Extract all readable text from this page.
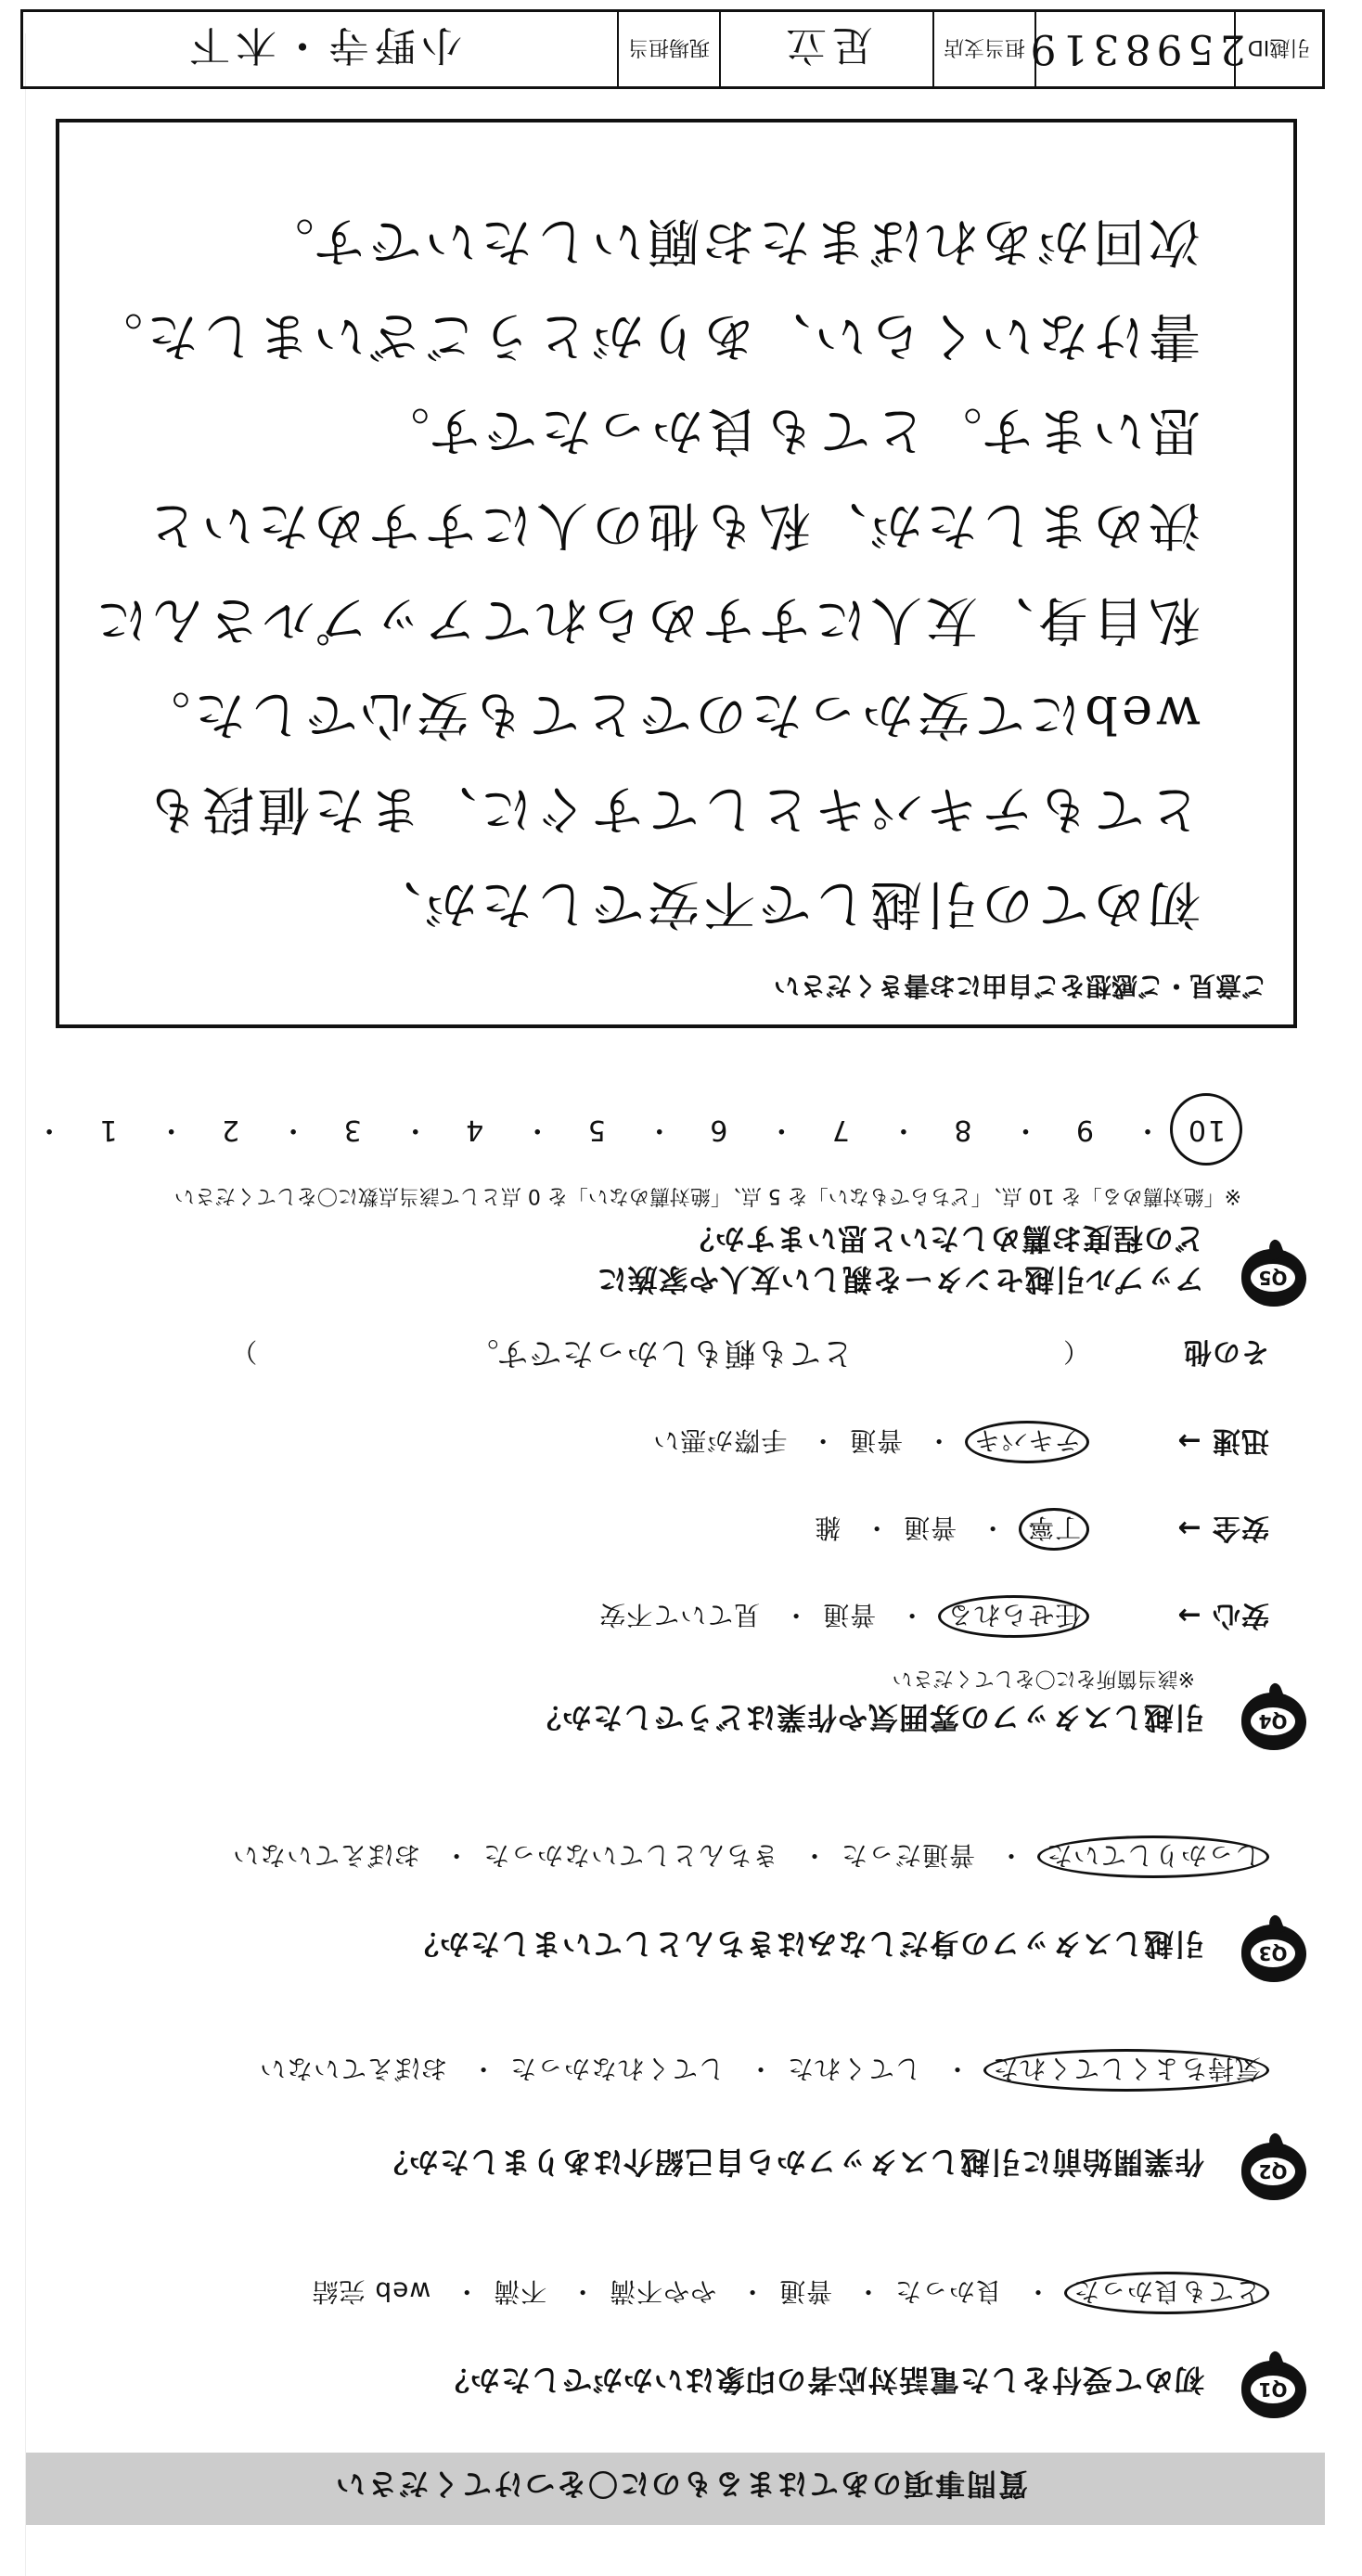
質問事項のあてはまるものに〇をつけてください
Q1
初めて受付をした電話対応者の印象はいかがでしたか？
とても良かった・ 良かった・ 普通・ やや不満・ 不満・ web 完結
Q2
作業開始前に引越しスタッフから自己紹介はありましたか？
気持ちよくしてくれた・ してくれた・ してくれなかった・ おぼえていない
Q3
引越しスタッフの身だしなみはきちんとしていましたか？
しっかりしていた・ 普通だった・ きちんとしていなかった・ おぼえていない
Q4
引越しスタッフの雰囲気や作業はどうでしたか？
※該当箇所をに〇をしてください
安心 → 任せられる・ 普通・ 見ていて不安
安全 → 丁寧・ 普通・ 雑
迅速 → テキパキ・ 普通・ 手際が悪い
その他 （ とても頼もしかったです。 ）
Q5
アップル引越センターを親しい友人や家族に
どの程度お薦めしたいと思いますか？
※「絶対薦める」を 10 点、「どちらでもない」を 5 点、「絶対薦めない」を 0 点として該当点数に〇をしてください
10・ 9・ 8・ 7・ 6・ 5・ 4・ 3・ 2・ 1・
ご意見・ご感想をご自由にお書きください
初めての引越しで不安でしたが、
とてもテキパキとしてすぐに、また値段も
webにて安かったのでとても安心でした。
私自身、友人にすすめられてアップルさんに
決めましたが、私も他の人にすすめたいと
思います。とても良かったです。
書けないくらい、ありがとうございました。
次回があればまたお願いしたいです。
引越ID
2598319
担当支店
足立
現場担当
小野寺・木下
